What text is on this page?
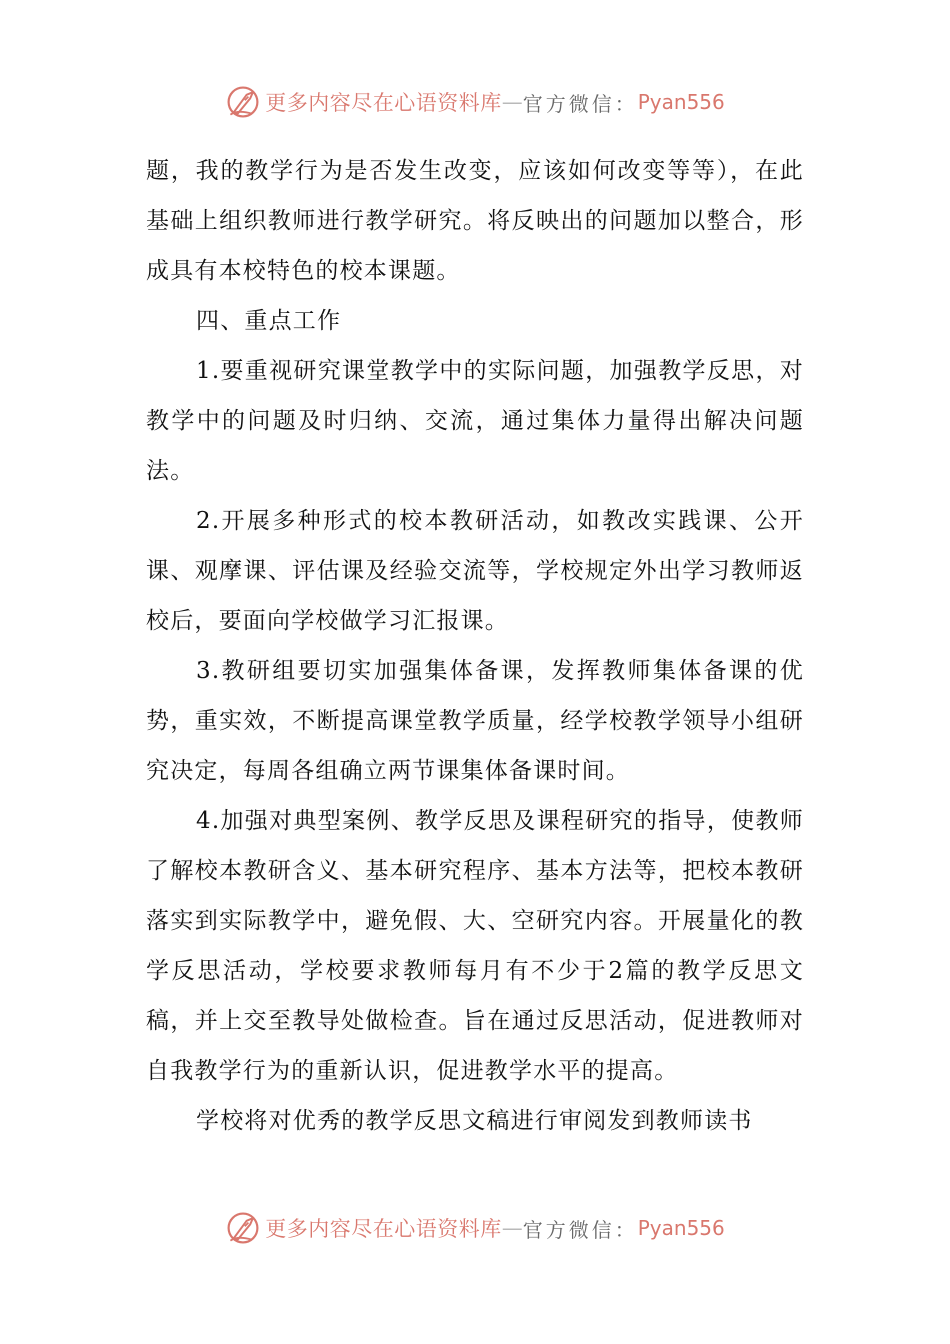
更多内容尽在心语资料库 — 官方微信： Pyan556

题，我的教学行为是否发生改变，应该如何改变等等），在此基础上组织教师进行教学研究。将反映出的问题加以整合，形成具有本校特色的校本课题。

四、重点工作

1.要重视研究课堂教学中的实际问题，加强教学反思，对教学中的问题及时归纳、交流，通过集体力量得出解决问题法。

2.开展多种形式的校本教研活动，如教改实践课、公开课、观摩课、评估课及经验交流等，学校规定外出学习教师返校后，要面向学校做学习汇报课。

3.教研组要切实加强集体备课，发挥教师集体备课的优势，重实效，不断提高课堂教学质量，经学校教学领导小组研究决定，每周各组确立两节课集体备课时间。

4.加强对典型案例、教学反思及课程研究的指导，使教师了解校本教研含义、基本研究程序、基本方法等，把校本教研落实到实际教学中，避免假、大、空研究内容。开展量化的教学反思活动，学校要求教师每月有不少于2篇的教学反思文稿，并上交至教导处做检查。旨在通过反思活动，促进教师对自我教学行为的重新认识，促进教学水平的提高。

学校将对优秀的教学反思文稿进行审阅发到教师读书

更多内容尽在心语资料库 — 官方微信： Pyan556
